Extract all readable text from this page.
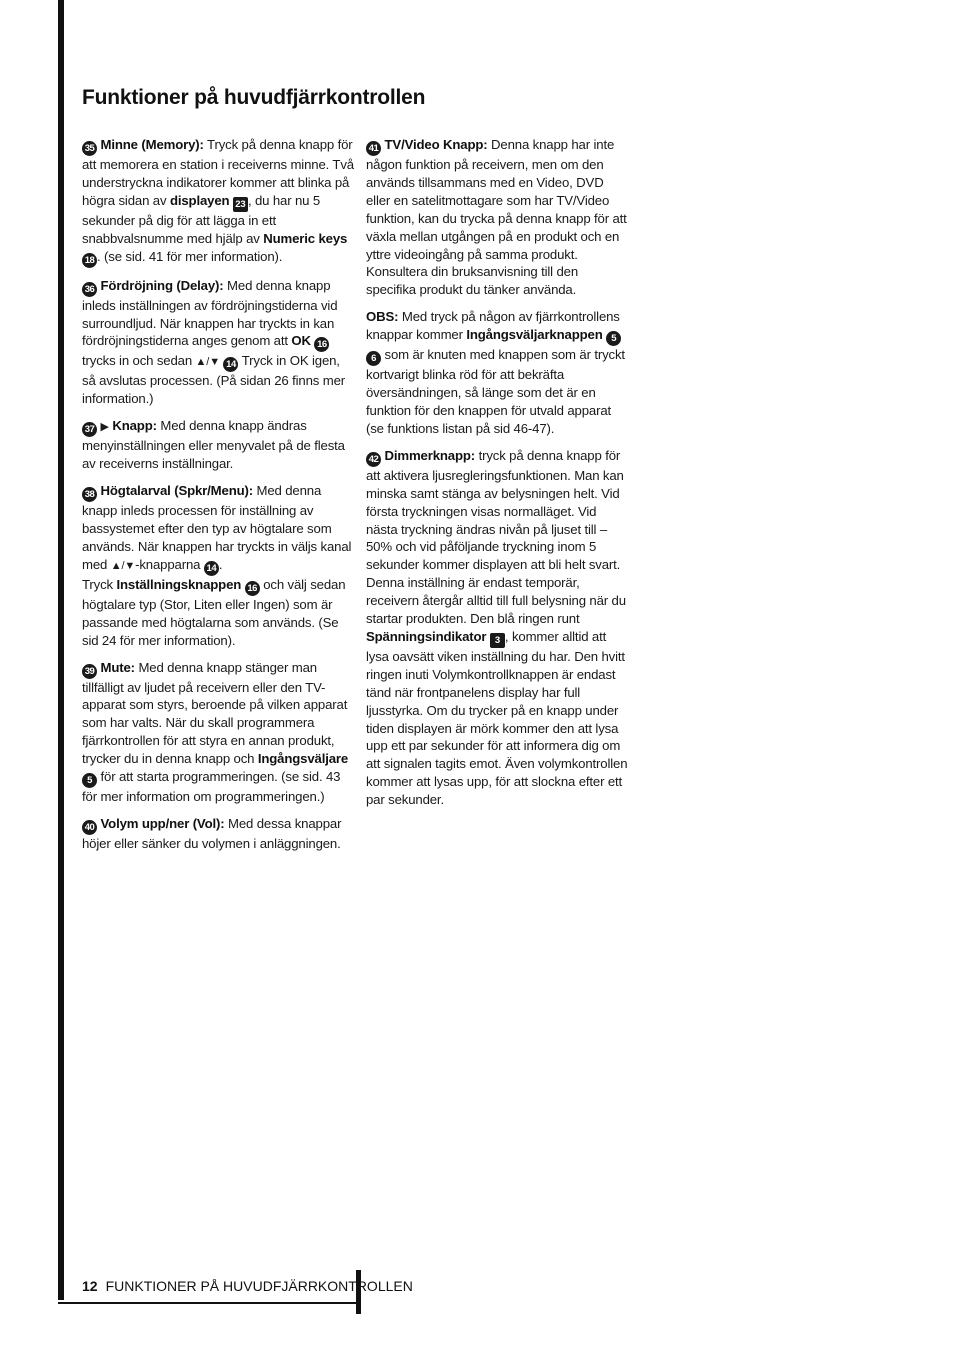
Funktioner på huvudfjärrkontrollen

35 Minne (Memory): Tryck på denna knapp för att memorera en station i receiverns minne. Två understryckna indikatorer kommer att blinka på högra sidan av displayen 23 , du har nu 5 sekunder på dig för att lägga in ett snabbvalsnumme med hjälp av Numeric keys 18 . (se sid. 41 för mer information).

36 Fördröjning (Delay): Med denna knapp inleds inställningen av fördröjningstiderna vid surroundljud. När knappen har tryckts in kan fördröjningstiderna anges genom att OK 16 trycks in och sedan ▲/▼ 14 Tryck in OK igen, så avslutas processen. (På sidan 26 finns mer information.)

37 ▶ Knapp: Med denna knapp ändras menyinställningen eller menyvalet på de flesta av receiverns inställningar.

38 Högtalarval (Spkr/Menu): Med denna knapp inleds processen för inställning av bassystemet efter den typ av högtalare som används. När knappen har tryckts in väljs kanal med ▲/▼-knapparna 14 .

Tryck Inställningsknappen 16 och välj sedan högtalare typ (Stor, Liten eller Ingen) som är passande med högtalarna som används. (Se sid 24 för mer information).

39 Mute: Med denna knapp stänger man tillfälligt av ljudet på receivern eller den TV-apparat som styrs, beroende på vilken apparat som har valts. När du skall programmera fjärrkontrollen för att styra en annan produkt, trycker du in denna knapp och Ingångsväljare 5 för att starta programmeringen. (se sid. 43 för mer information om programmeringen.)

40 Volym upp/ner (Vol): Med dessa knappar höjer eller sänker du volymen i anläggningen.

41 TV/Video Knapp: Denna knapp har inte någon funktion på receivern, men om den används tillsammans med en Video, DVD eller en satelitmottagare som har TV/Video funktion, kan du trycka på denna knapp för att växla mellan utgången på en produkt och en yttre videoingång på samma produkt. Konsultera din bruksanvisning till den specifika produkt du tänker använda.

OBS: Med tryck på någon av fjärrkontrollens knappar kommer Ingångsväljarknappen 56 som är knuten med knappen som är tryckt kortvarigt blinka röd för att bekräfta översändningen, så länge som det är en funktion för den knappen för utvald apparat (se funktions listan på sid 46-47).

42 Dimmerknapp: tryck på denna knapp för att aktivera ljusregleringsfunktionen. Man kan minska samt stänga av belysningen helt. Vid första tryckningen visas normalläget. Vid nästa tryckning ändras nivån på ljuset till –50% och vid påföljande tryckning inom 5 sekunder kommer displayen att bli helt svart. Denna inställning är endast temporär, receivern återgår alltid till full belysning när du startar produkten. Den blå ringen runt Spänningsindikator 3 , kommer alltid att lysa oavsätt viken inställning du har. Den hvitt ringen inuti Volymkontrollknappen är endast tänd när frontpanelens display har full ljusstyrka. Om du trycker på en knapp under tiden displayen är mörk kommer den att lysa upp ett par sekunder för att informera dig om att signalen tagits emot. Även volymkontrollen kommer att lysas upp, för att slockna efter ett par sekunder.

12 FUNKTIONER PÅ HUVUDFJÄRRKONTROLLEN
